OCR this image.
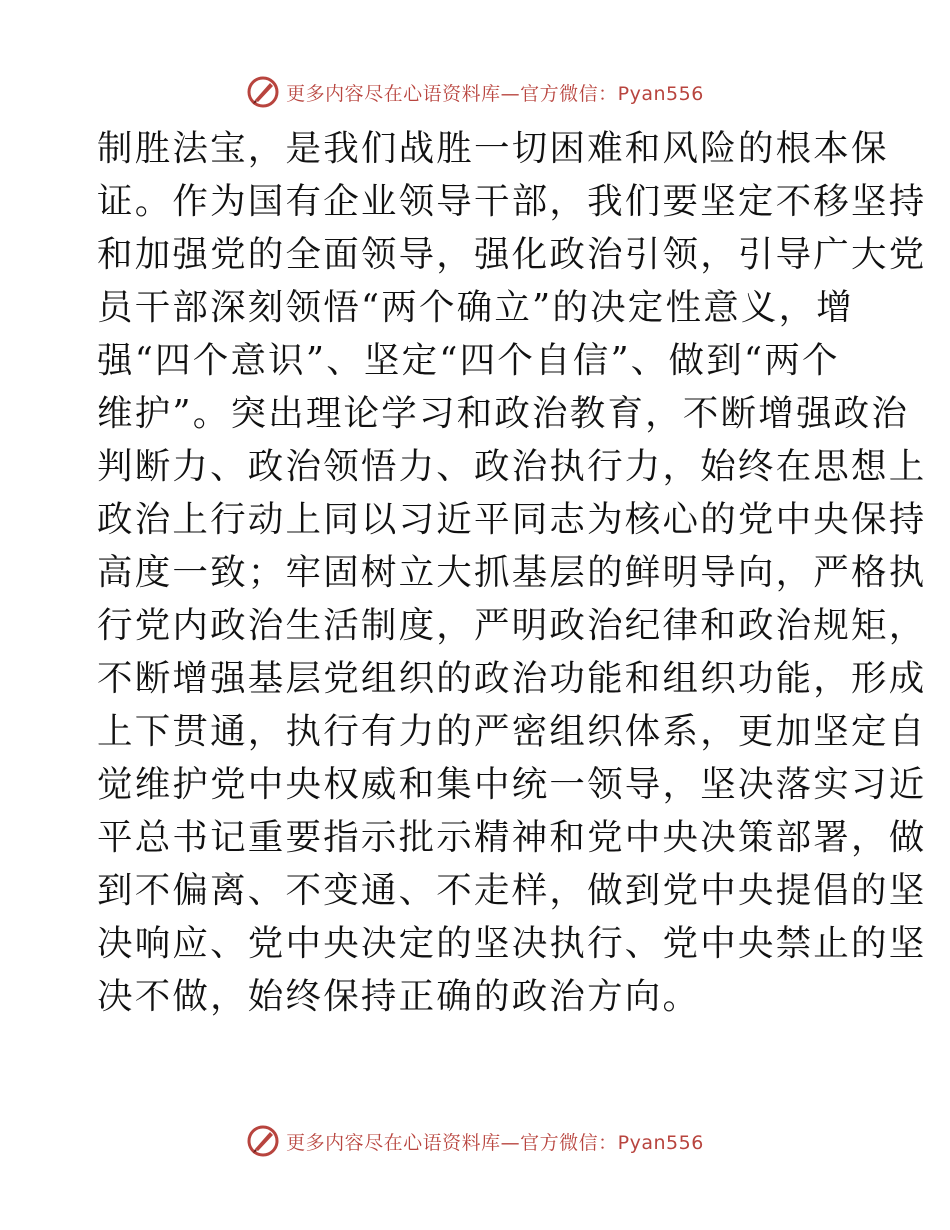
更多内容尽在心语资料库—官方微信：Pyan556
制胜法宝，是我们战胜一切困难和风险的根本保
证。作为国有企业领导干部，我们要坚定不移坚持
和加强党的全面领导，强化政治引领，引导广大党
员干部深刻领悟“两个确立”的决定性意义，增
强“四个意识”、坚定“四个自信”、做到“两个
维护”。突出理论学习和政治教育，不断增强政治
判断力、政治领悟力、政治执行力，始终在思想上
政治上行动上同以习近平同志为核心的党中央保持
高度一致；牢固树立大抓基层的鲜明导向，严格执
行党内政治生活制度，严明政治纪律和政治规矩，
不断增强基层党组织的政治功能和组织功能，形成
上下贯通，执行有力的严密组织体系，更加坚定自
觉维护党中央权威和集中统一领导，坚决落实习近
平总书记重要指示批示精神和党中央决策部署，做
到不偏离、不变通、不走样，做到党中央提倡的坚
决响应、党中央决定的坚决执行、党中央禁止的坚
决不做，始终保持正确的政治方向。
更多内容尽在心语资料库—官方微信：Pyan556
